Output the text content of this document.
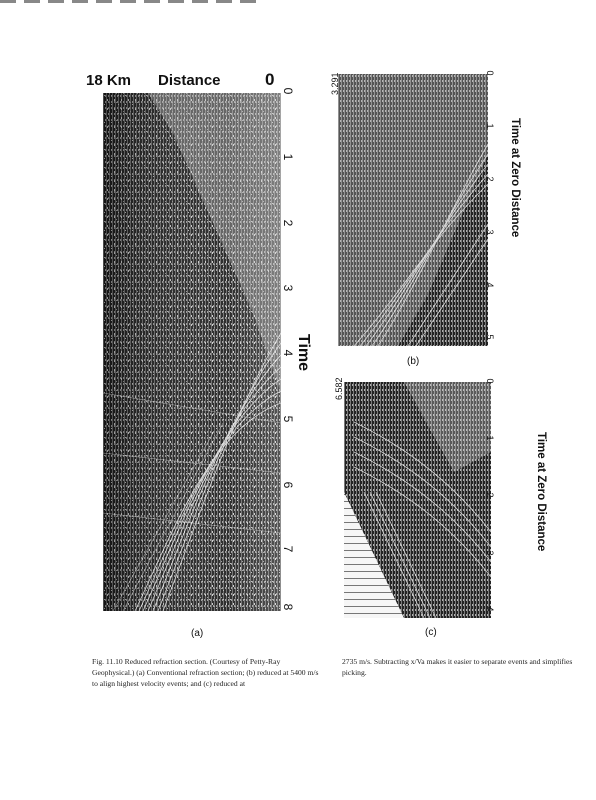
18 Km Distance	0
0
1
2
3
4
5
6
7
8
Time
(a)
3.291	0
1
2
3
4
5
Time at Zero Distance
(b)
6.582	0
1
2
3
4
Time at Zero Distance
(c)
Fig. 11.10 Reduced refraction section. (Courtesy of Petty-Ray Geophysical.) (a) Conventional refraction section; (b) reduced at 5400 m/s to align highest velocity events; and (c) reduced at
2735 m/s. Subtracting x/Va makes it easier to separate events and simplifies picking.
